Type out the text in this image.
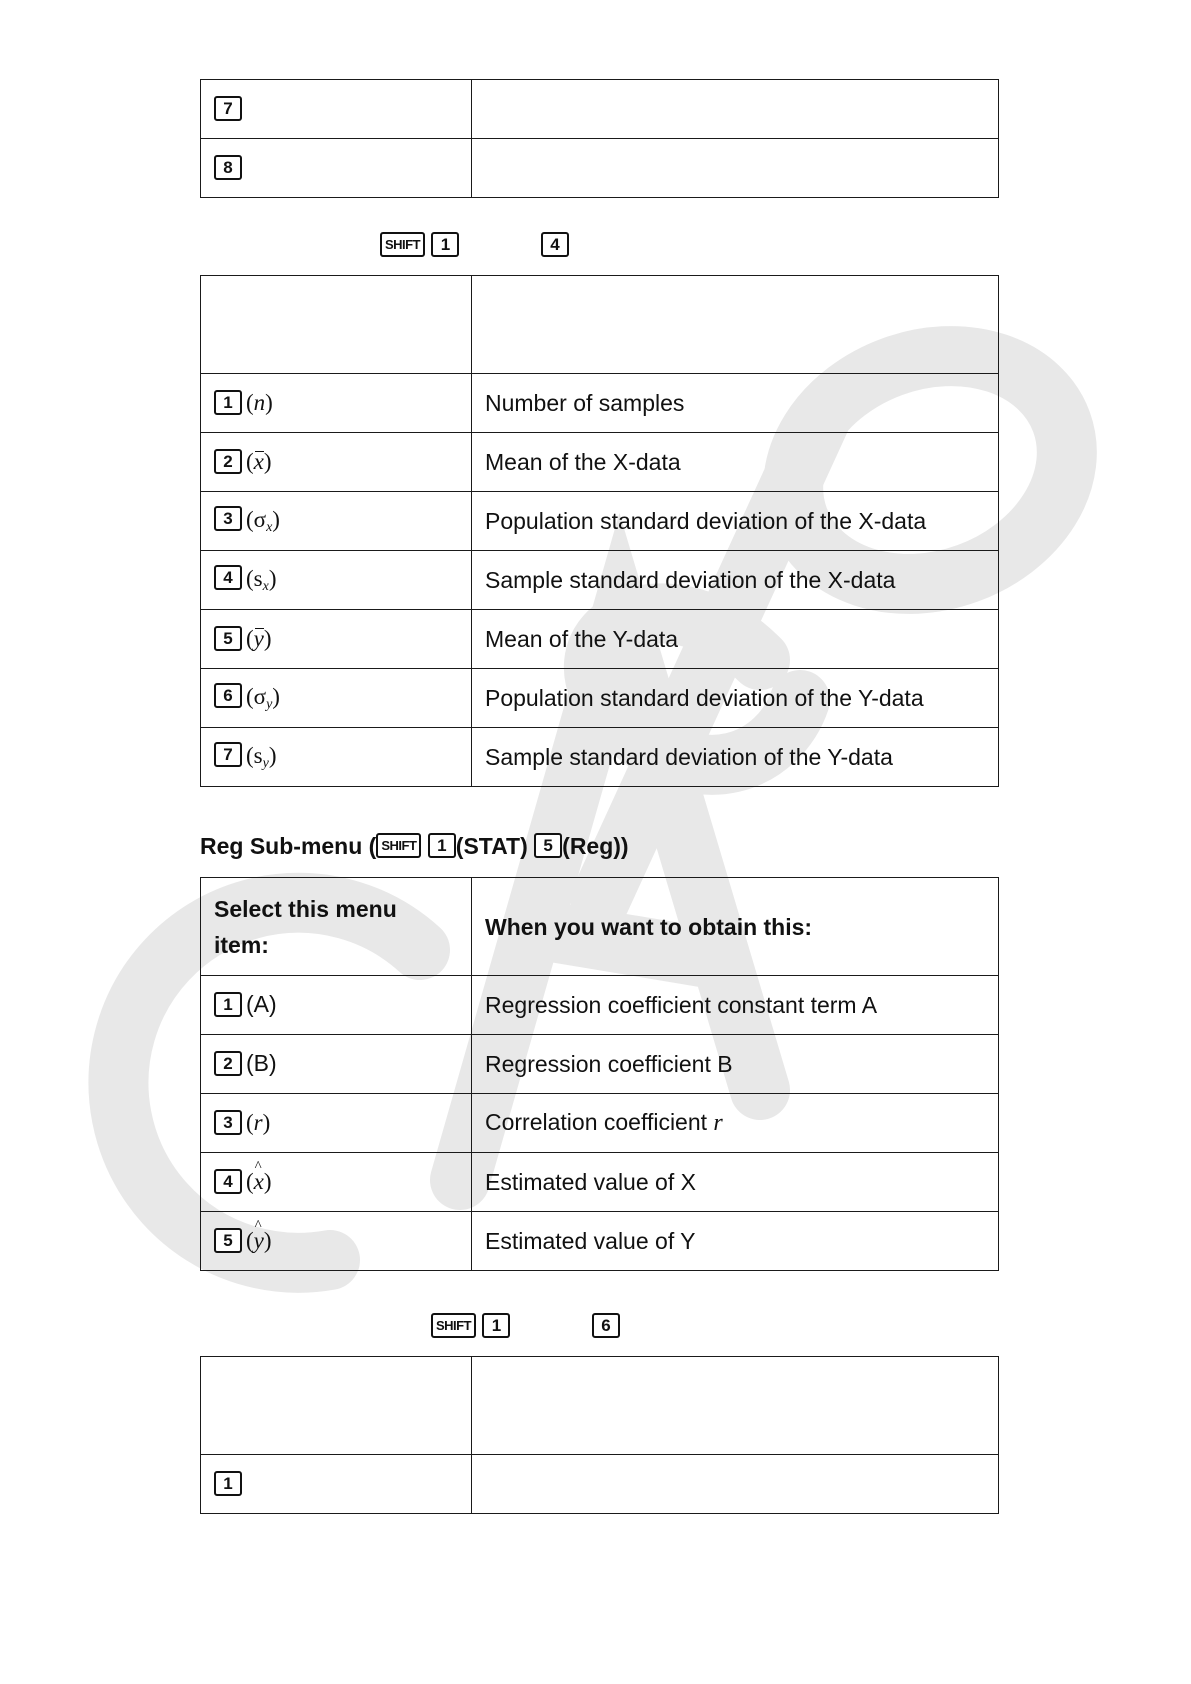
7	
8	
SHIFT 1	4

1 (n)	Number of samples
2 (x)	Mean of the X-data
3 $(\sigma_x)$	Population standard deviation of the X-data
4 $(s_x)$	Sample standard deviation of the X-data
5 (y)	Mean of the Y-data
6 $(\sigma_y)$	Population standard deviation of the Y-data
7 $(s_y)$	Sample standard deviation of the Y-data
Reg Sub-menu ( SHIFT 1 (STAT) 5 (Reg))
Select this menu item:	When you want to obtain this:
1 (A)	Regression coefficient constant term A
2 (B)	Regression coefficient B
3 (r)	Correlation coefficient r
4 (^ x)	Estimated value of X
5 (^ y)	Estimated value of Y
SHIFT 1	6

1	
